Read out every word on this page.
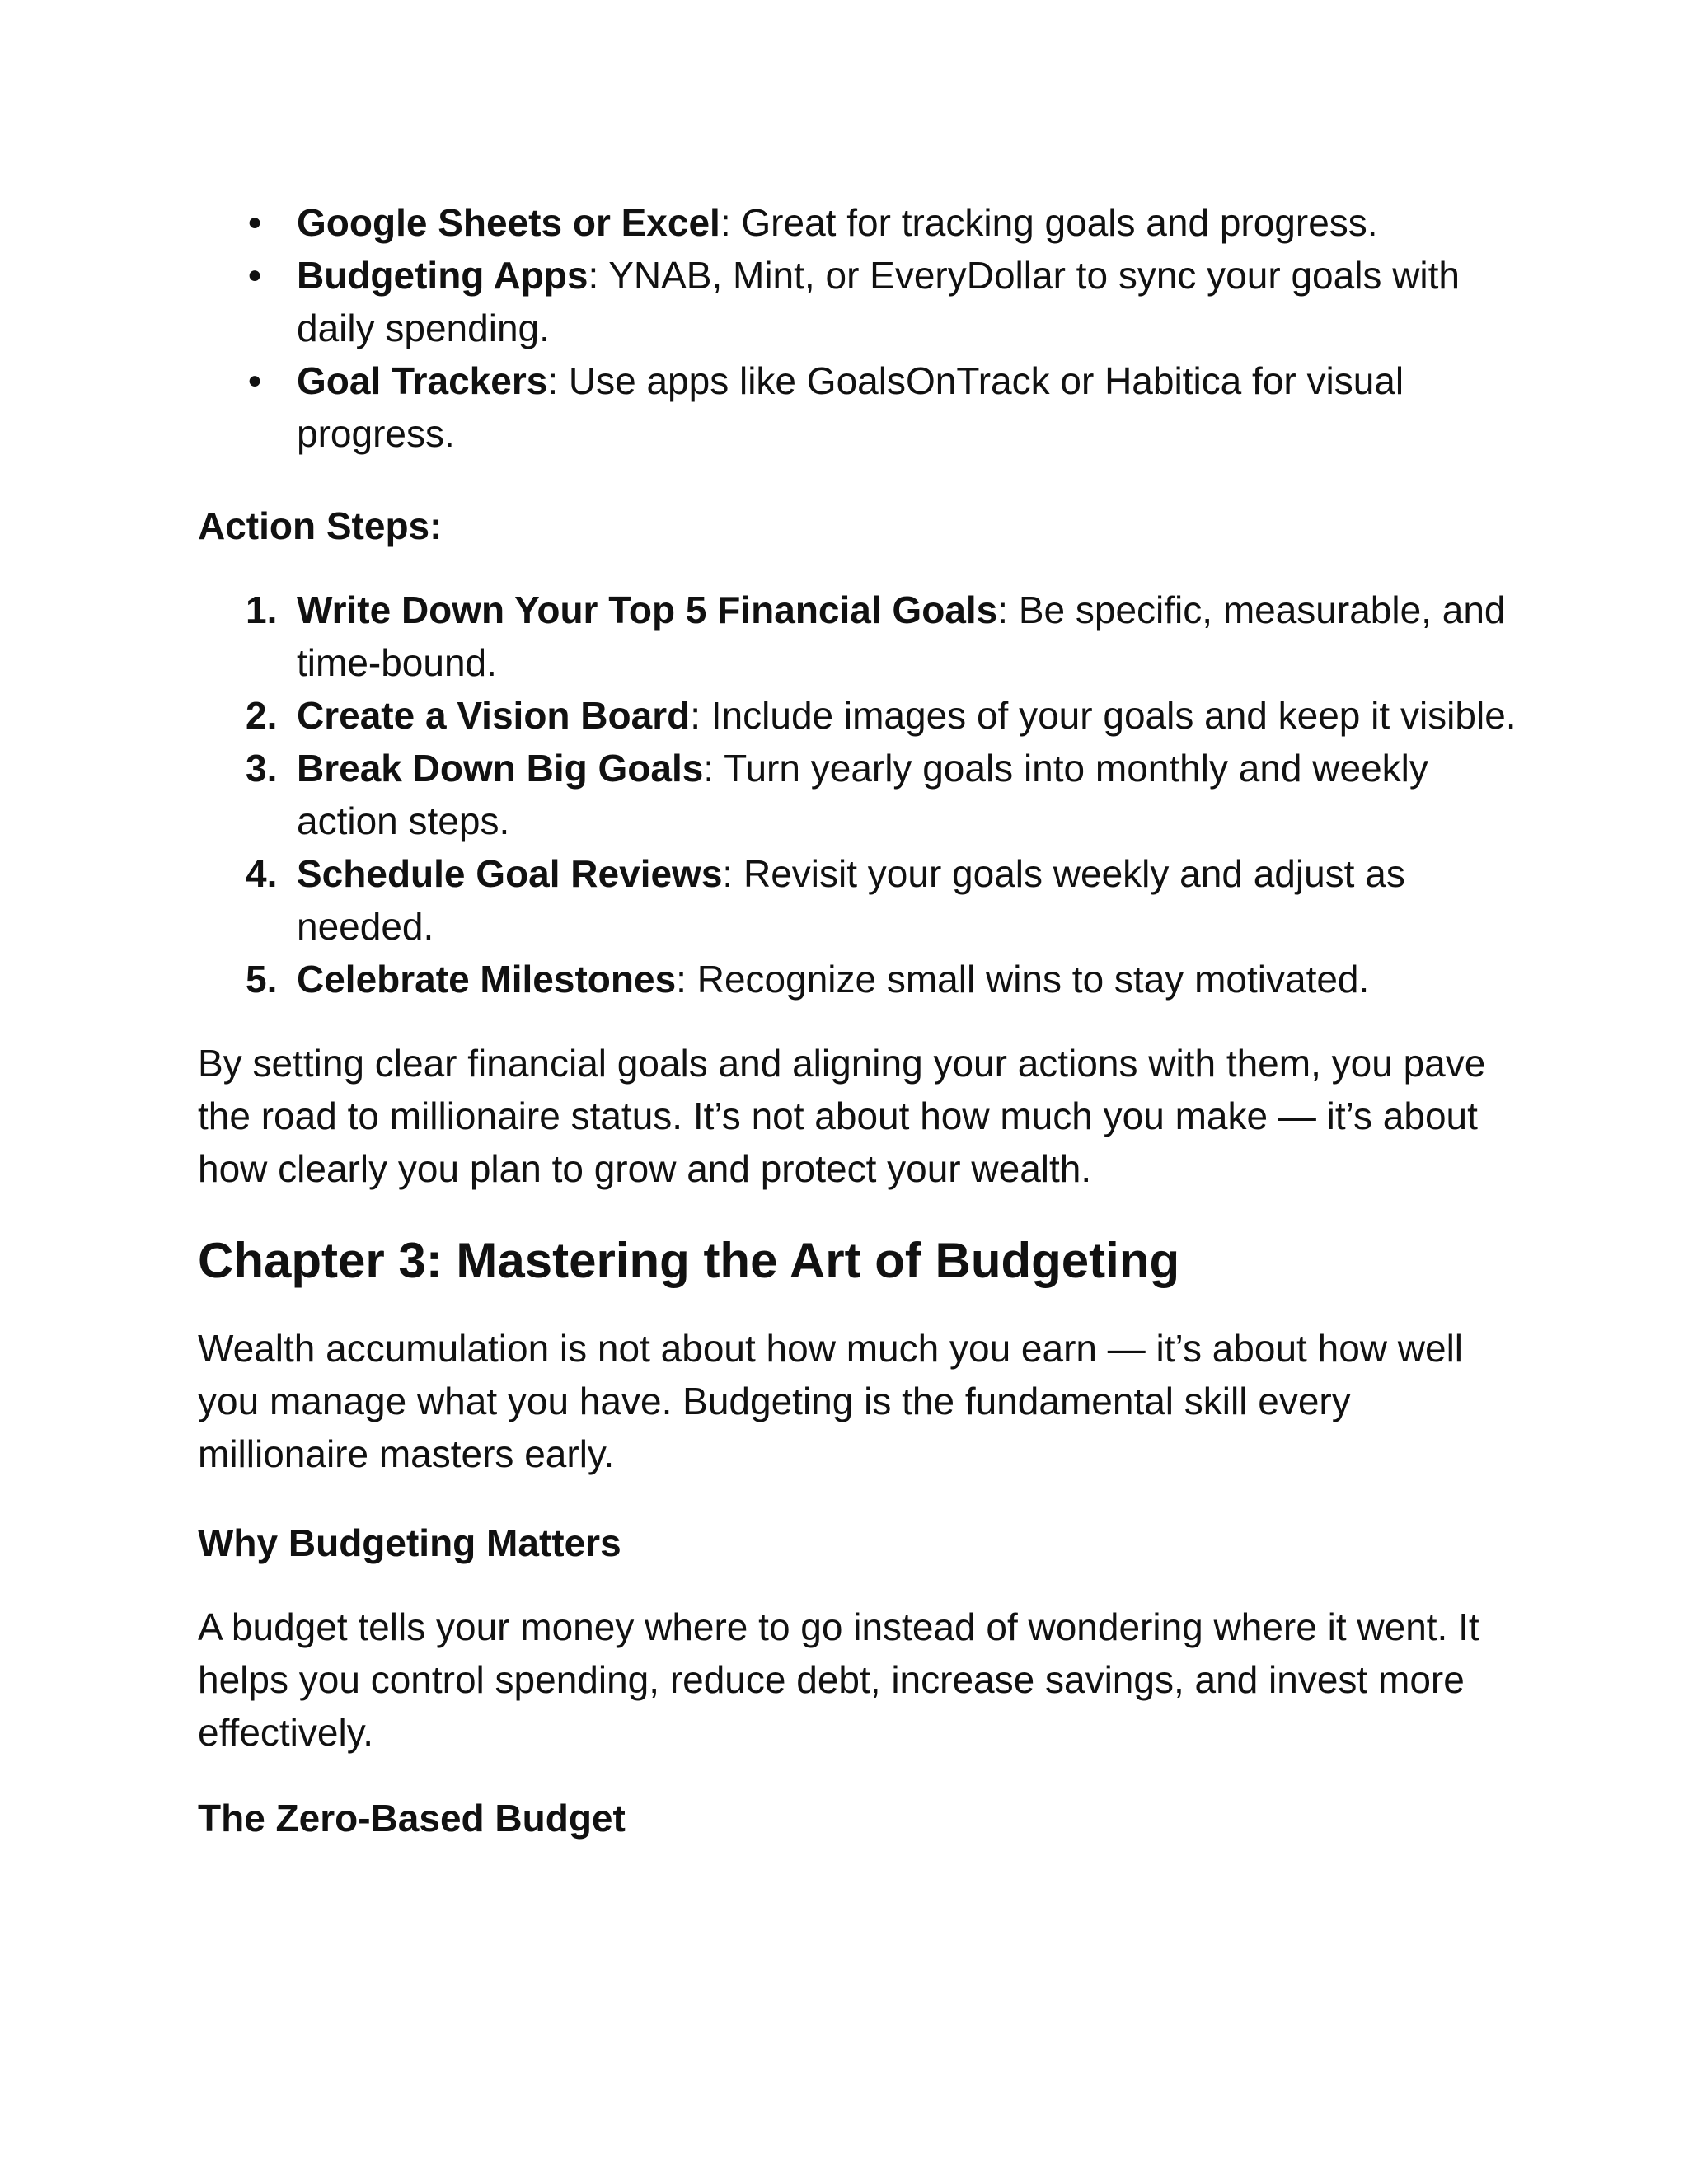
● Google Sheets or Excel: Great for tracking goals and progress.
● Budgeting Apps: YNAB, Mint, or EveryDollar to sync your goals with daily spending.
● Goal Trackers: Use apps like GoalsOnTrack or Habitica for visual progress.

Action Steps:

1. Write Down Your Top 5 Financial Goals: Be specific, measurable, and time-bound.
2. Create a Vision Board: Include images of your goals and keep it visible.
3. Break Down Big Goals: Turn yearly goals into monthly and weekly action steps.
4. Schedule Goal Reviews: Revisit your goals weekly and adjust as needed.
5. Celebrate Milestones: Recognize small wins to stay motivated.

By setting clear financial goals and aligning your actions with them, you pave the road to millionaire status. It’s not about how much you make — it’s about how clearly you plan to grow and protect your wealth.

Chapter 3: Mastering the Art of Budgeting

Wealth accumulation is not about how much you earn — it’s about how well you manage what you have. Budgeting is the fundamental skill every millionaire masters early.

Why Budgeting Matters

A budget tells your money where to go instead of wondering where it went. It helps you control spending, reduce debt, increase savings, and invest more effectively.

The Zero-Based Budget
